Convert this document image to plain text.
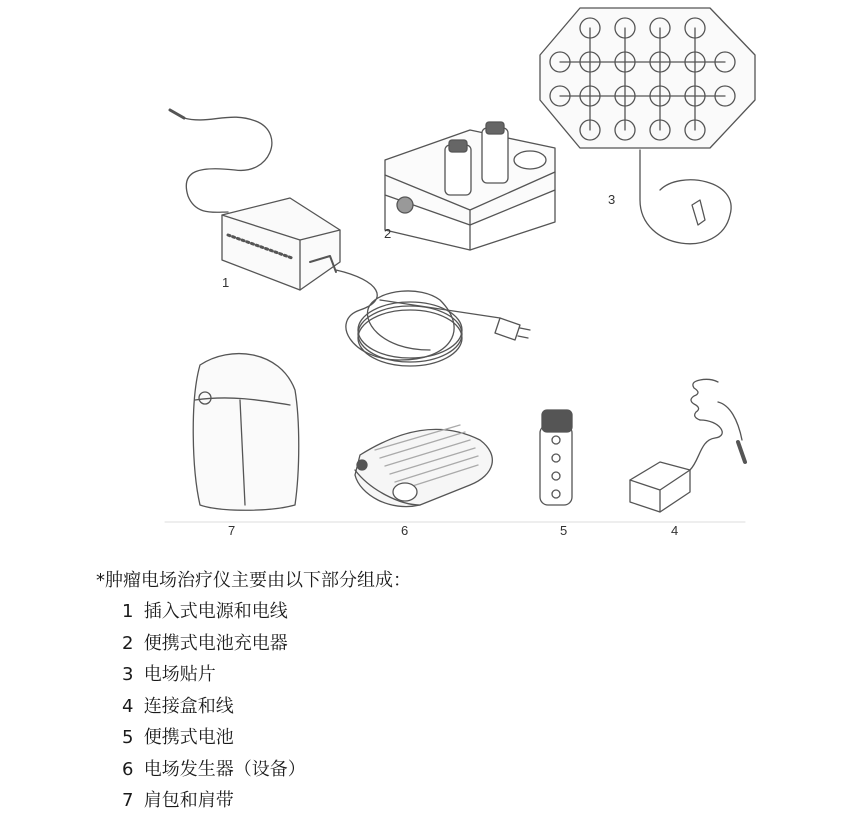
1
2
3
4
5
6
7
*肿瘤电场治疗仪主要由以下部分组成：
1 插入式电源和电线
2 便携式电池充电器
3 电场贴片
4 连接盒和线
5 便携式电池
6 电场发生器（设备）
7 肩包和肩带
